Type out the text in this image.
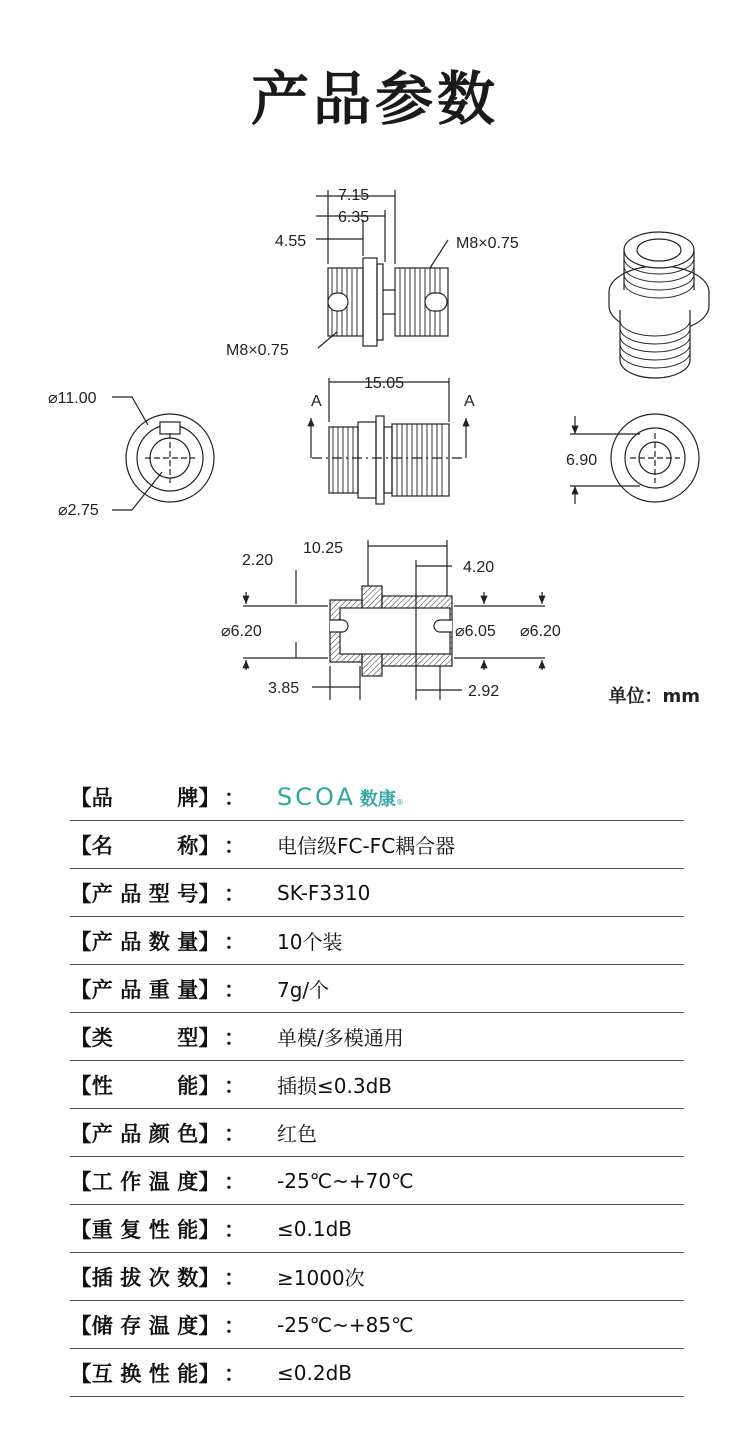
产品参数
7.15
6.35
4.55	M8×0.75
M8×0.75
15.05
A	A
⌀11.00
⌀2.75
6.90
10.25
2.20	4.20
⌀6.20	⌀6.05 ⌀6.20
3.85	2.92	单位：mm
【 品	牌 】 ： SCOA 数康 ®
【 名	称 】 ： 电信级FC-FC耦合器
【 产 品 型 号 】 ： SK-F3310
【 产 品 数 量 】 ： 10个装
【 产 品 重 量 】 ： 7g/个
【 类	型 】 ： 单模/多模通用
【 性	能 】 ： 插损≤0.3dB
【 产 品 颜 色 】 ： 红色
【 工 作 温 度 】 ： -25℃~+70℃
【 重 复 性 能 】 ： ≤0.1dB
【 插 拔 次 数 】 ： ≥1000次
【 储 存 温 度 】 ： -25℃~+85℃
【 互 换 性 能 】 ： ≤0.2dB
